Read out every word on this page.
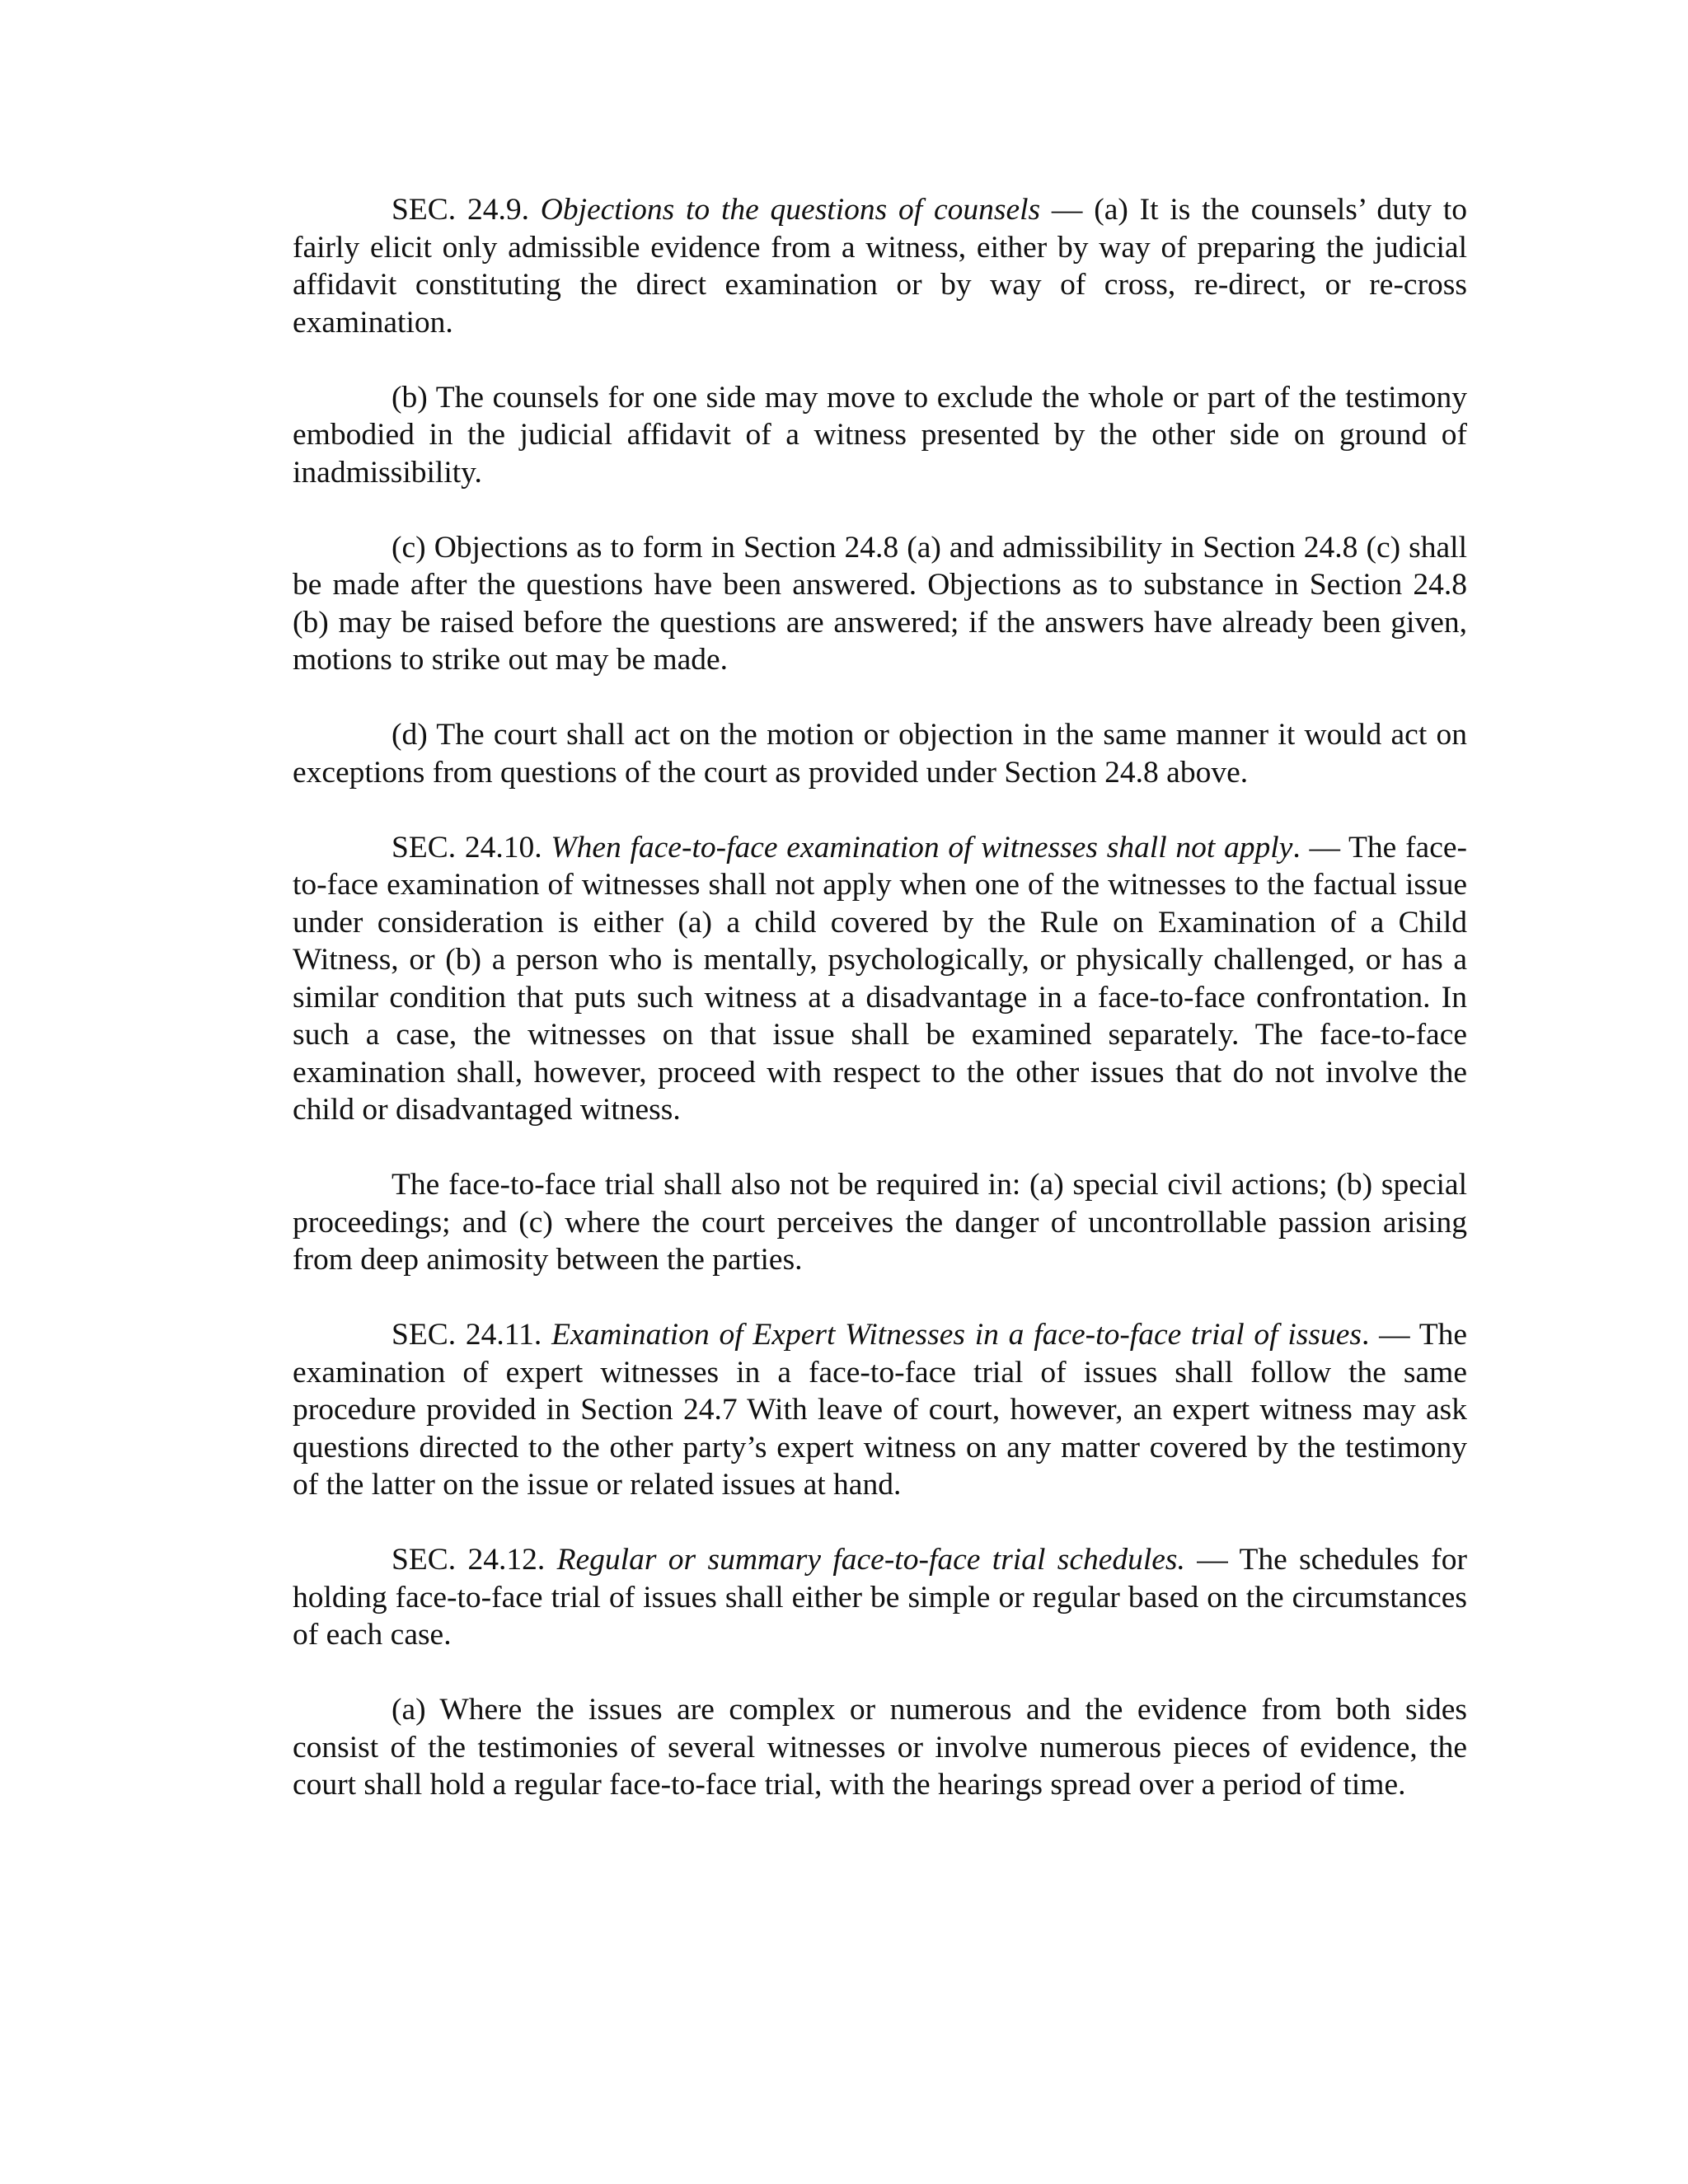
SEC. 24.9. Objections to the questions of counsels — (a) It is the counsels’ duty to fairly elicit only admissible evidence from a witness, either by way of preparing the judicial affidavit constituting the direct examination or by way of cross, re-direct, or re-cross examination.

(b) The counsels for one side may move to exclude the whole or part of the testimony embodied in the judicial affidavit of a witness presented by the other side on ground of inadmissibility.

(c) Objections as to form in Section 24.8 (a) and admissibility in Section 24.8 (c) shall be made after the questions have been answered. Objections as to substance in Section 24.8 (b) may be raised before the questions are answered; if the answers have already been given, motions to strike out may be made.

(d) The court shall act on the motion or objection in the same manner it would act on exceptions from questions of the court as provided under Section 24.8 above.

SEC. 24.10. When face-to-face examination of witnesses shall not apply. — The face-to-face examination of witnesses shall not apply when one of the witnesses to the factual issue under consideration is either (a) a child covered by the Rule on Examination of a Child Witness, or (b) a person who is mentally, psychologically, or physically challenged, or has a similar condition that puts such witness at a disadvantage in a face-to-face confrontation. In such a case, the witnesses on that issue shall be examined separately. The face-to-face examination shall, however, proceed with respect to the other issues that do not involve the child or disadvantaged witness.

The face-to-face trial shall also not be required in: (a) special civil actions; (b) special proceedings; and (c) where the court perceives the danger of uncontrollable passion arising from deep animosity between the parties.

SEC. 24.11. Examination of Expert Witnesses in a face-to-face trial of issues. — The examination of expert witnesses in a face-to-face trial of issues shall follow the same procedure provided in Section 24.7 With leave of court, however, an expert witness may ask questions directed to the other party’s expert witness on any matter covered by the testimony of the latter on the issue or related issues at hand.

SEC. 24.12. Regular or summary face-to-face trial schedules. — The schedules for holding face-to-face trial of issues shall either be simple or regular based on the circumstances of each case.

(a) Where the issues are complex or numerous and the evidence from both sides consist of the testimonies of several witnesses or involve numerous pieces of evidence, the court shall hold a regular face-to-face trial, with the hearings spread over a period of time.
